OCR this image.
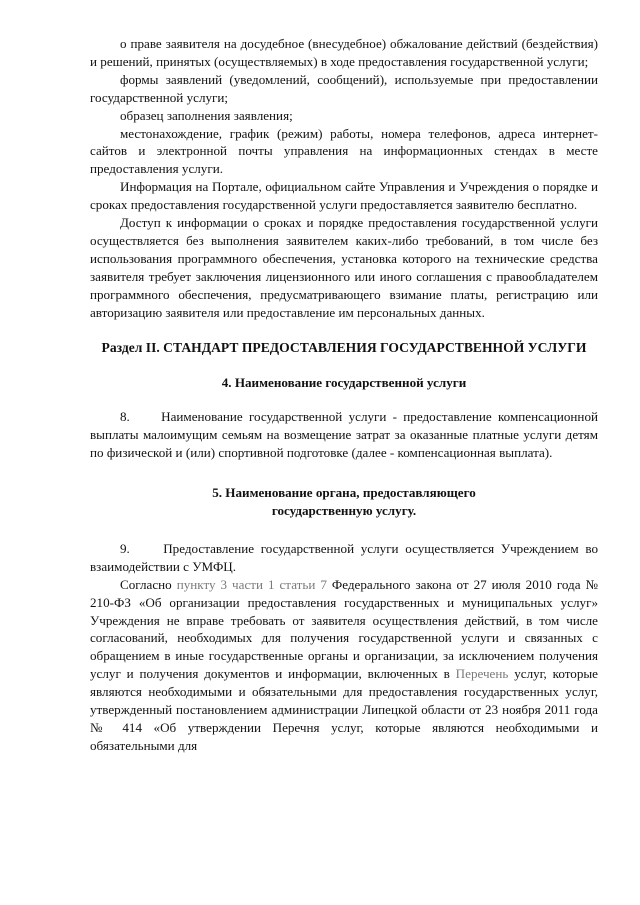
о праве заявителя на досудебное (внесудебное) обжалование действий (бездействия) и решений, принятых (осуществляемых) в ходе предоставления государственной услуги;

формы заявлений (уведомлений, сообщений), используемые при предоставлении государственной услуги;

образец заполнения заявления;

местонахождение, график (режим) работы, номера телефонов, адреса интернет-сайтов и электронной почты управления на информационных стендах в месте предоставления услуги.

Информация на Портале, официальном сайте Управления и Учреждения о порядке и сроках предоставления государственной услуги предоставляется заявителю бесплатно.

Доступ к информации о сроках и порядке предоставления государственной услуги осуществляется без выполнения заявителем каких-либо требований, в том числе без использования программного обеспечения, установка которого на технические средства заявителя требует заключения лицензионного или иного соглашения с правообладателем программного обеспечения, предусматривающего взимание платы, регистрацию или авторизацию заявителя или предоставление им персональных данных.

Раздел II. СТАНДАРТ ПРЕДОСТАВЛЕНИЯ ГОСУДАРСТВЕННОЙ УСЛУГИ
4. Наименование государственной услуги

8.     Наименование государственной услуги - предоставление компенсационной выплаты малоимущим семьям на возмещение затрат за оказанные платные услуги детям по физической и (или) спортивной подготовке (далее - компенсационная выплата).

5. Наименование органа, предоставляющего
государственную услугу.

9.     Предоставление государственной услуги осуществляется Учреждением во взаимодействии с УМФЦ.

Согласно пункту 3 части 1 статьи 7 Федерального закона от 27 июля 2010 года № 210-ФЗ «Об организации предоставления государственных и муниципальных услуг» Учреждения не вправе требовать от заявителя осуществления действий, в том числе согласований, необходимых для получения государственной услуги и связанных с обращением в иные государственные органы и организации, за исключением получения услуг и получения документов и информации, включенных в Перечень услуг, которые являются необходимыми и обязательными для предоставления государственных услуг, утвержденный постановлением администрации Липецкой области от 23 ноября 2011 года № 414 «Об утверждении Перечня услуг, которые являются необходимыми и обязательными для
